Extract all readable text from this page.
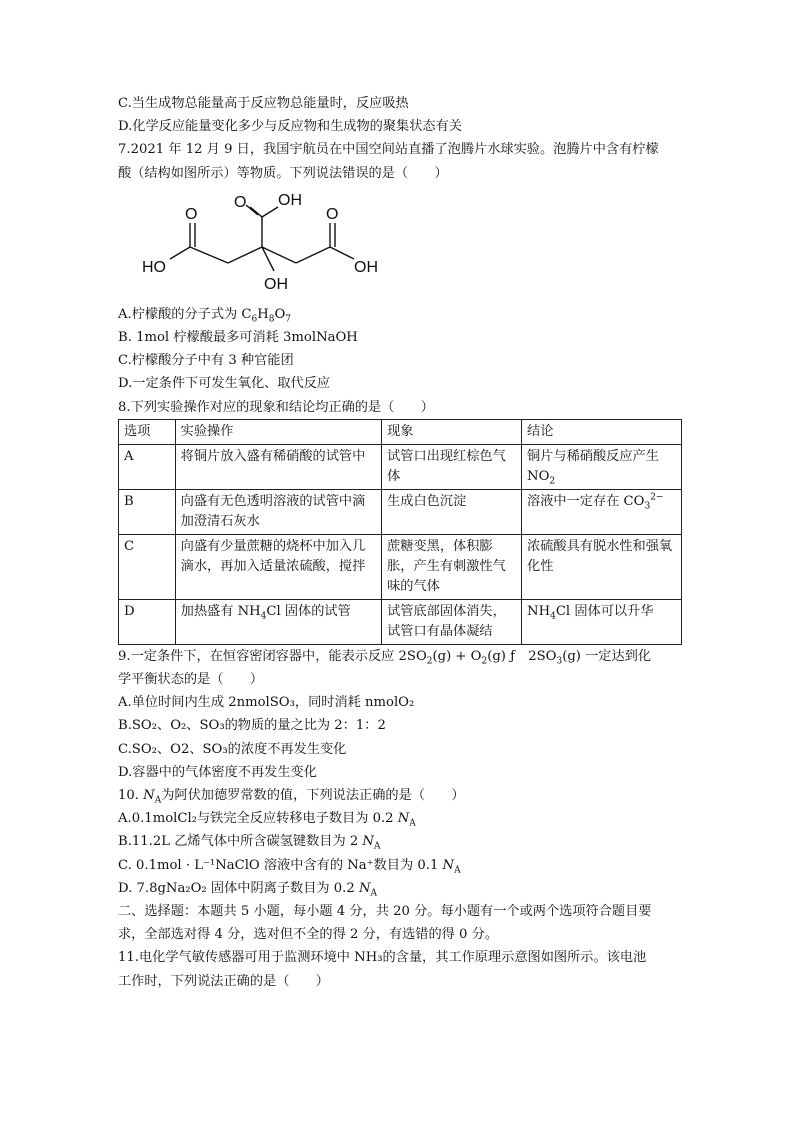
C.当生成物总能量高于反应物总能量时，反应吸热
D.化学反应能量变化多少与反应物和生成物的聚集状态有关
7.2021 年 12 月 9 日，我国宇航员在中国空间站直播了泡腾片水球实验。泡腾片中含有柠檬
酸（结构如图所示）等物质。下列说法错误的是（　　）
O
O OH
O
HO	OH
OH
A.柠檬酸的分子式为 $C_6H_8O_7$
B. 1mol 柠檬酸最多可消耗 3molNaOH
C.柠檬酸分子中有 3 种官能团
D.一定条件下可发生氧化、取代反应
8.下列实验操作对应的现象和结论均正确的是（　　）
选项	实验操作	现象	结论
A	将铜片放入盛有稀硝酸的试管中	试管口出现红棕色气体	铜片与稀硝酸反应产生 $NO_2$
B	向盛有无色透明溶液的试管中滴加澄清石灰水	生成白色沉淀	溶液中一定存在 $CO_3^{2-}$
C	向盛有少量蔗糖的烧杯中加入几滴水，再加入适量浓硫酸，搅拌	蔗糖变黑，体积膨胀，产生有刺激性气味的气体	浓硫酸具有脱水性和强氧化性
D	加热盛有 $NH_4Cl$ 固体的试管	试管底部固体消失，试管口有晶体凝结	$NH_4Cl$ 固体可以升华
9.一定条件下，在恒容密闭容器中，能表示反应 $2SO_2(g) + O_2(g)$ ƒ　$2SO_3(g)$ 一定达到化
学平衡状态的是（　　）
A.单位时间内生成 2nmolSO₃，同时消耗 nmolO₂
B.SO₂、O₂、SO₃的物质的量之比为 2：1：2
C.SO₂、O2、SO₃的浓度不再发生变化
D.容器中的气体密度不再发生变化
10. $N_A$为阿伏加德罗常数的值，下列说法正确的是（　　）
A.0.1molCl₂与铁完全反应转移电子数目为 0.2 $N_A$
B.11.2L 乙烯气体中所含碳氢键数目为 2 $N_A$
C. 0.1mol · L⁻¹NaClO 溶液中含有的 Na⁺数目为 0.1 $N_A$
D. 7.8gNa₂O₂ 固体中阴离子数目为 0.2 $N_A$
二、选择题：本题共 5 小题，每小题 4 分，共 20 分。每小题有一个或两个选项符合题目要
求，全部选对得 4 分，选对但不全的得 2 分，有选错的得 0 分。
11.电化学气敏传感器可用于监测环境中 NH₃的含量，其工作原理示意图如图所示。该电池
工作时，下列说法正确的是（　　）
